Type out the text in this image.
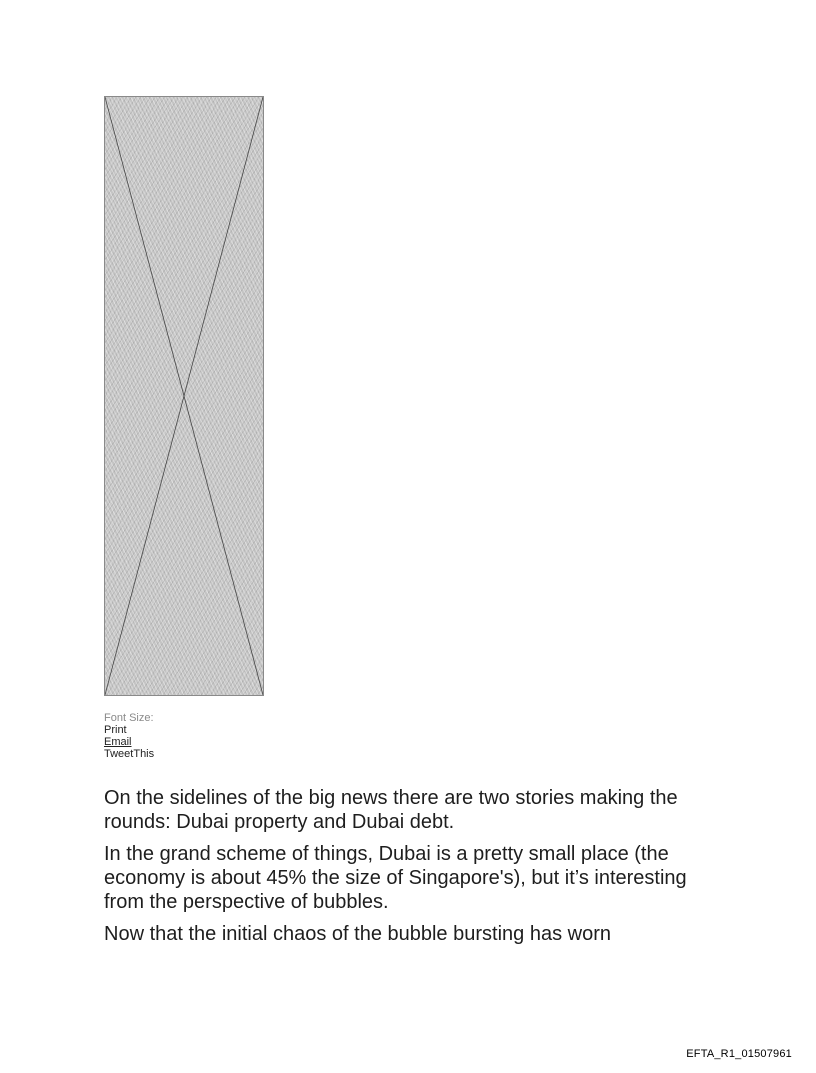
Font Size:
Print
Email
TweetThis

On the sidelines of the big news there are two stories making the rounds: Dubai property and Dubai debt.

In the grand scheme of things, Dubai is a pretty small place (the economy is about 45% the size of Singapore's), but it’s interesting from the perspective of bubbles.

Now that the initial chaos of the bubble bursting has worn

EFTA_R1_01507961
